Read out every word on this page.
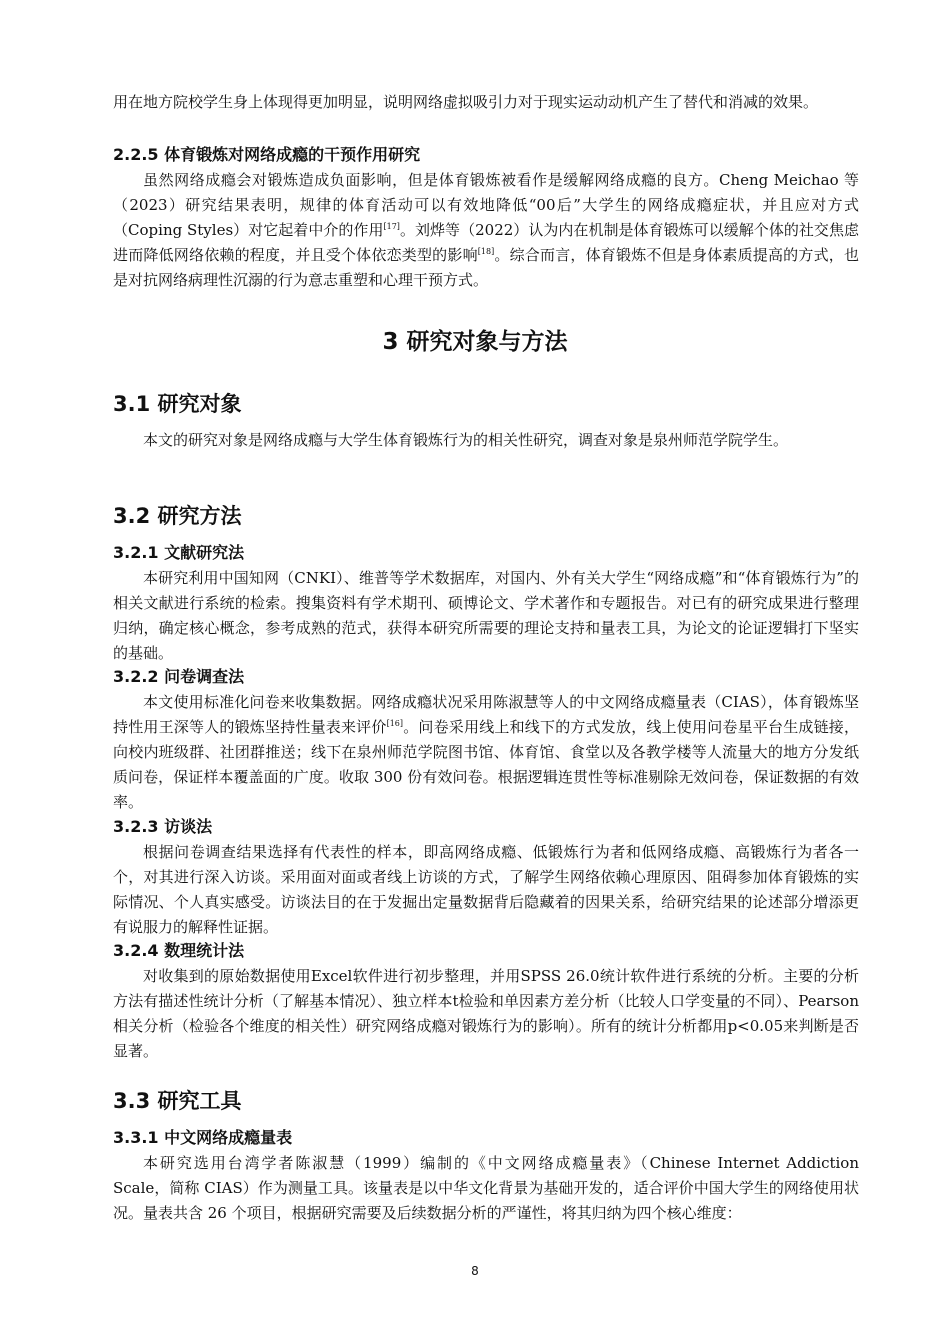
用在地方院校学生身上体现得更加明显，说明网络虚拟吸引力对于现实运动动机产生了替代和消减的效果。

2.2.5 体育锻炼对网络成瘾的干预作用研究

虽然网络成瘾会对锻炼造成负面影响，但是体育锻炼被看作是缓解网络成瘾的良方。Cheng Meichao 等（2023）研究结果表明，规律的体育活动可以有效地降低“00后”大学生的网络成瘾症状，并且应对方式（Coping Styles）对它起着中介的作用[17]。刘烨等（2022）认为内在机制是体育锻炼可以缓解个体的社交焦虑进而降低网络依赖的程度，并且受个体依恋类型的影响[18]。综合而言，体育锻炼不但是身体素质提高的方式，也是对抗网络病理性沉溺的行为意志重塑和心理干预方式。

3 研究对象与方法
3.1 研究对象

本文的研究对象是网络成瘾与大学生体育锻炼行为的相关性研究，调查对象是泉州师范学院学生。

3.2 研究方法
3.2.1 文献研究法

本研究利用中国知网（CNKI）、维普等学术数据库，对国内、外有关大学生“网络成瘾”和“体育锻炼行为”的相关文献进行系统的检索。搜集资料有学术期刊、硕博论文、学术著作和专题报告。对已有的研究成果进行整理归纳，确定核心概念，参考成熟的范式，获得本研究所需要的理论支持和量表工具，为论文的论证逻辑打下坚实的基础。

3.2.2 问卷调查法

本文使用标准化问卷来收集数据。网络成瘾状况采用陈淑慧等人的中文网络成瘾量表（CIAS），体育锻炼坚持性用王深等人的锻炼坚持性量表来评价[16]。问卷采用线上和线下的方式发放，线上使用问卷星平台生成链接，向校内班级群、社团群推送；线下在泉州师范学院图书馆、体育馆、食堂以及各教学楼等人流量大的地方分发纸质问卷，保证样本覆盖面的广度。收取 300 份有效问卷。根据逻辑连贯性等标准剔除无效问卷，保证数据的有效率。

3.2.3 访谈法

根据问卷调查结果选择有代表性的样本，即高网络成瘾、低锻炼行为者和低网络成瘾、高锻炼行为者各一个，对其进行深入访谈。采用面对面或者线上访谈的方式，了解学生网络依赖心理原因、阻碍参加体育锻炼的实际情况、个人真实感受。访谈法目的在于发掘出定量数据背后隐藏着的因果关系，给研究结果的论述部分增添更有说服力的解释性证据。

3.2.4 数理统计法

对收集到的原始数据使用Excel软件进行初步整理，并用SPSS 26.0统计软件进行系统的分析。主要的分析方法有描述性统计分析（了解基本情况）、独立样本t检验和单因素方差分析（比较人口学变量的不同）、Pearson相关分析（检验各个维度的相关性）研究网络成瘾对锻炼行为的影响）。所有的统计分析都用p<0.05来判断是否显著。

3.3 研究工具
3.3.1 中文网络成瘾量表

本研究选用台湾学者陈淑慧（1999）编制的《中文网络成瘾量表》（Chinese Internet Addiction Scale，简称 CIAS）作为测量工具。该量表是以中华文化背景为基础开发的，适合评价中国大学生的网络使用状况。量表共含 26 个项目，根据研究需要及后续数据分析的严谨性，将其归纳为四个核心维度：

8
